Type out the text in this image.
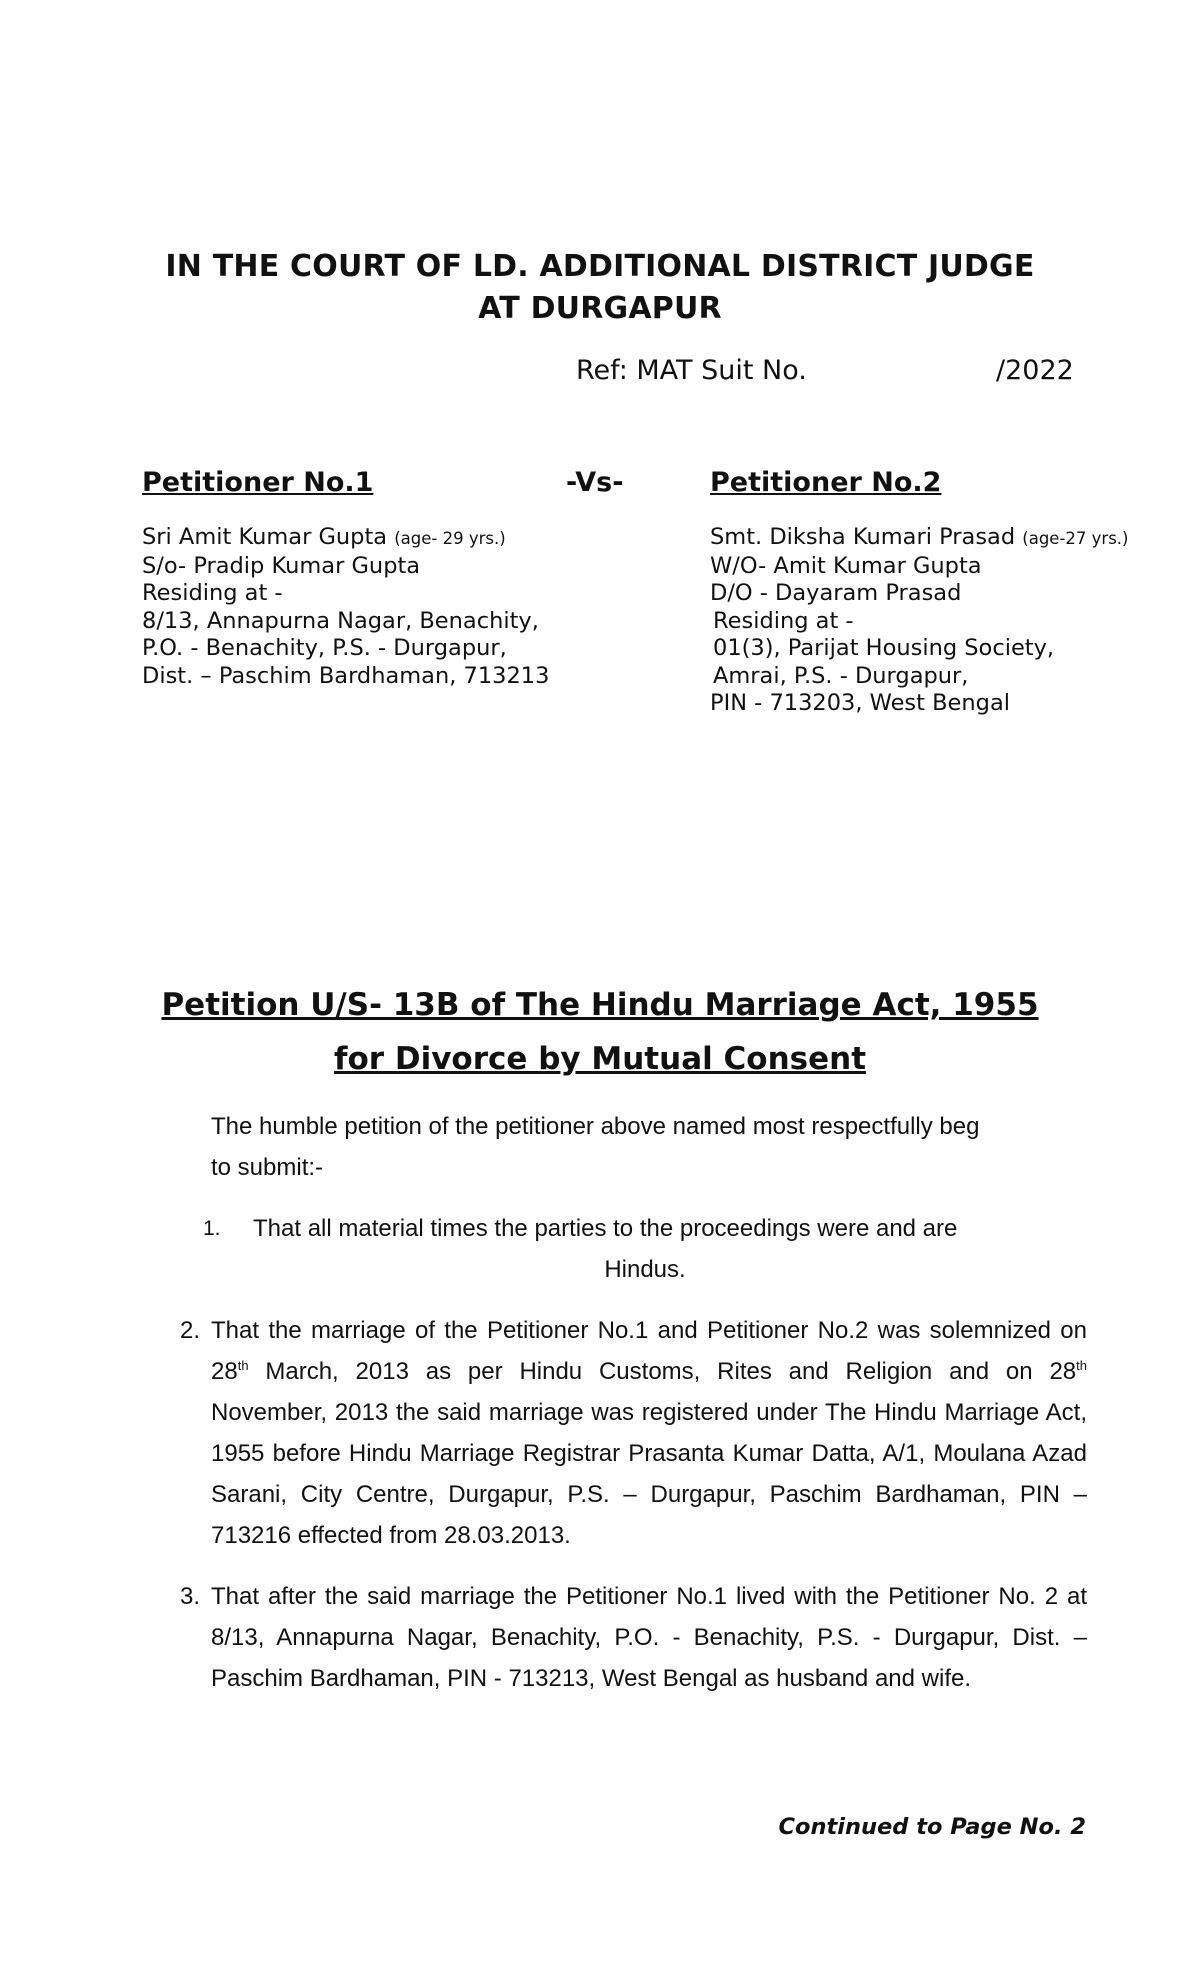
IN THE COURT OF LD. ADDITIONAL DISTRICT JUDGE
AT DURGAPUR
Ref: MAT Suit No.	/2022
Petitioner No.1	-Vs-	Petitioner No.2
Sri Amit Kumar Gupta (age- 29 yrs.)
S/o- Pradip Kumar Gupta
Residing at -
8/13, Annapurna Nagar, Benachity,
P.O. - Benachity, P.S. - Durgapur,
Dist. – Paschim Bardhaman, 713213
Smt. Diksha Kumari Prasad (age-27 yrs.)
W/O- Amit Kumar Gupta
D/O - Dayaram Prasad
Residing at -
01(3), Parijat Housing Society,
Amrai, P.S. - Durgapur,
PIN - 713203, West Bengal
Petition U/S- 13B of The Hindu Marriage Act, 1955
for Divorce by Mutual Consent
The humble petition of the petitioner above named most respectfully beg
to submit:-
1. That all material times the parties to the proceedings were and are
Hindus.
2. That the marriage of the Petitioner No.1 and Petitioner No.2 was solemnized on 28th March, 2013 as per Hindu Customs, Rites and Religion and on 28th November, 2013 the said marriage was registered under The Hindu Marriage Act, 1955 before Hindu Marriage Registrar Prasanta Kumar Datta, A/1, Moulana Azad Sarani, City Centre, Durgapur, P.S. – Durgapur, Paschim Bardhaman, PIN – 713216 effected from 28.03.2013.
3. That after the said marriage the Petitioner No.1 lived with the Petitioner No. 2 at 8/13, Annapurna Nagar, Benachity, P.O. - Benachity, P.S. - Durgapur, Dist. – Paschim Bardhaman, PIN - 713213, West Bengal as husband and wife.
Continued to Page No. 2
